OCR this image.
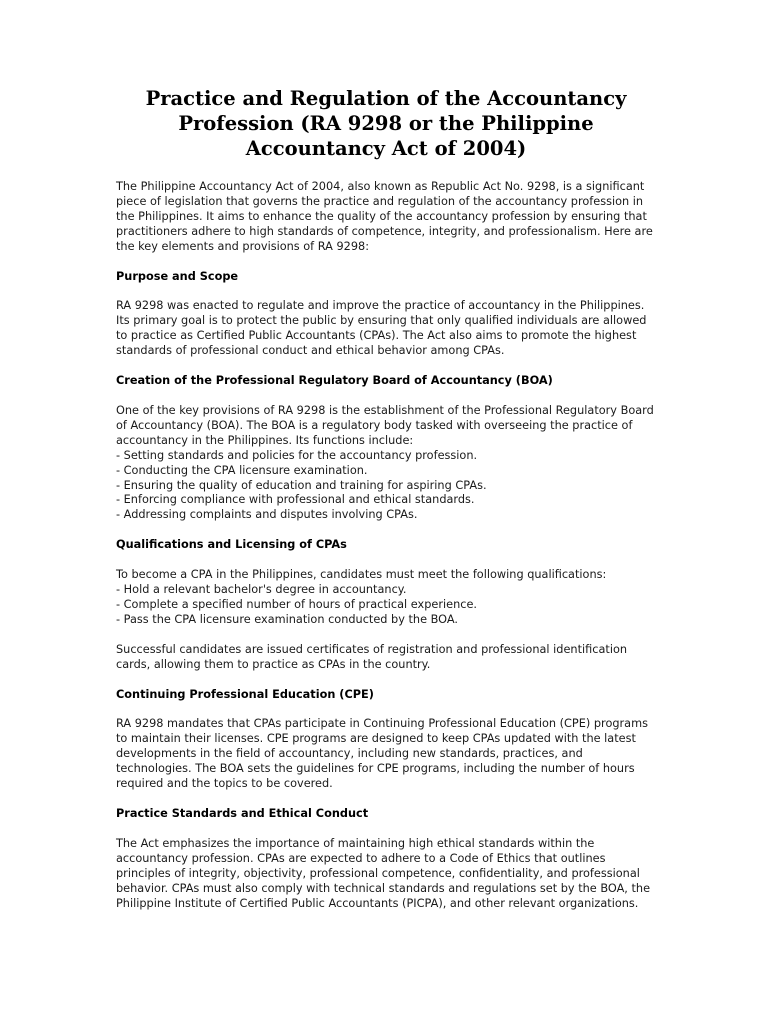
Practice and Regulation of the Accountancy Profession (RA 9298 or the Philippine Accountancy Act of 2004)

The Philippine Accountancy Act of 2004, also known as Republic Act No. 9298, is a significant piece of legislation that governs the practice and regulation of the accountancy profession in the Philippines. It aims to enhance the quality of the accountancy profession by ensuring that practitioners adhere to high standards of competence, integrity, and professionalism. Here are the key elements and provisions of RA 9298:

Purpose and Scope

RA 9298 was enacted to regulate and improve the practice of accountancy in the Philippines. Its primary goal is to protect the public by ensuring that only qualified individuals are allowed to practice as Certified Public Accountants (CPAs). The Act also aims to promote the highest standards of professional conduct and ethical behavior among CPAs.

Creation of the Professional Regulatory Board of Accountancy (BOA)

One of the key provisions of RA 9298 is the establishment of the Professional Regulatory Board of Accountancy (BOA). The BOA is a regulatory body tasked with overseeing the practice of accountancy in the Philippines. Its functions include:

- Setting standards and policies for the accountancy profession.
- Conducting the CPA licensure examination.
- Ensuring the quality of education and training for aspiring CPAs.
- Enforcing compliance with professional and ethical standards.
- Addressing complaints and disputes involving CPAs.

Qualifications and Licensing of CPAs

To become a CPA in the Philippines, candidates must meet the following qualifications:

- Hold a relevant bachelor's degree in accountancy.
- Complete a specified number of hours of practical experience.
- Pass the CPA licensure examination conducted by the BOA.

Successful candidates are issued certificates of registration and professional identification cards, allowing them to practice as CPAs in the country.

Continuing Professional Education (CPE)

RA 9298 mandates that CPAs participate in Continuing Professional Education (CPE) programs to maintain their licenses. CPE programs are designed to keep CPAs updated with the latest developments in the field of accountancy, including new standards, practices, and technologies. The BOA sets the guidelines for CPE programs, including the number of hours required and the topics to be covered.

Practice Standards and Ethical Conduct

The Act emphasizes the importance of maintaining high ethical standards within the accountancy profession. CPAs are expected to adhere to a Code of Ethics that outlines principles of integrity, objectivity, professional competence, confidentiality, and professional behavior. CPAs must also comply with technical standards and regulations set by the BOA, the Philippine Institute of Certified Public Accountants (PICPA), and other relevant organizations.
